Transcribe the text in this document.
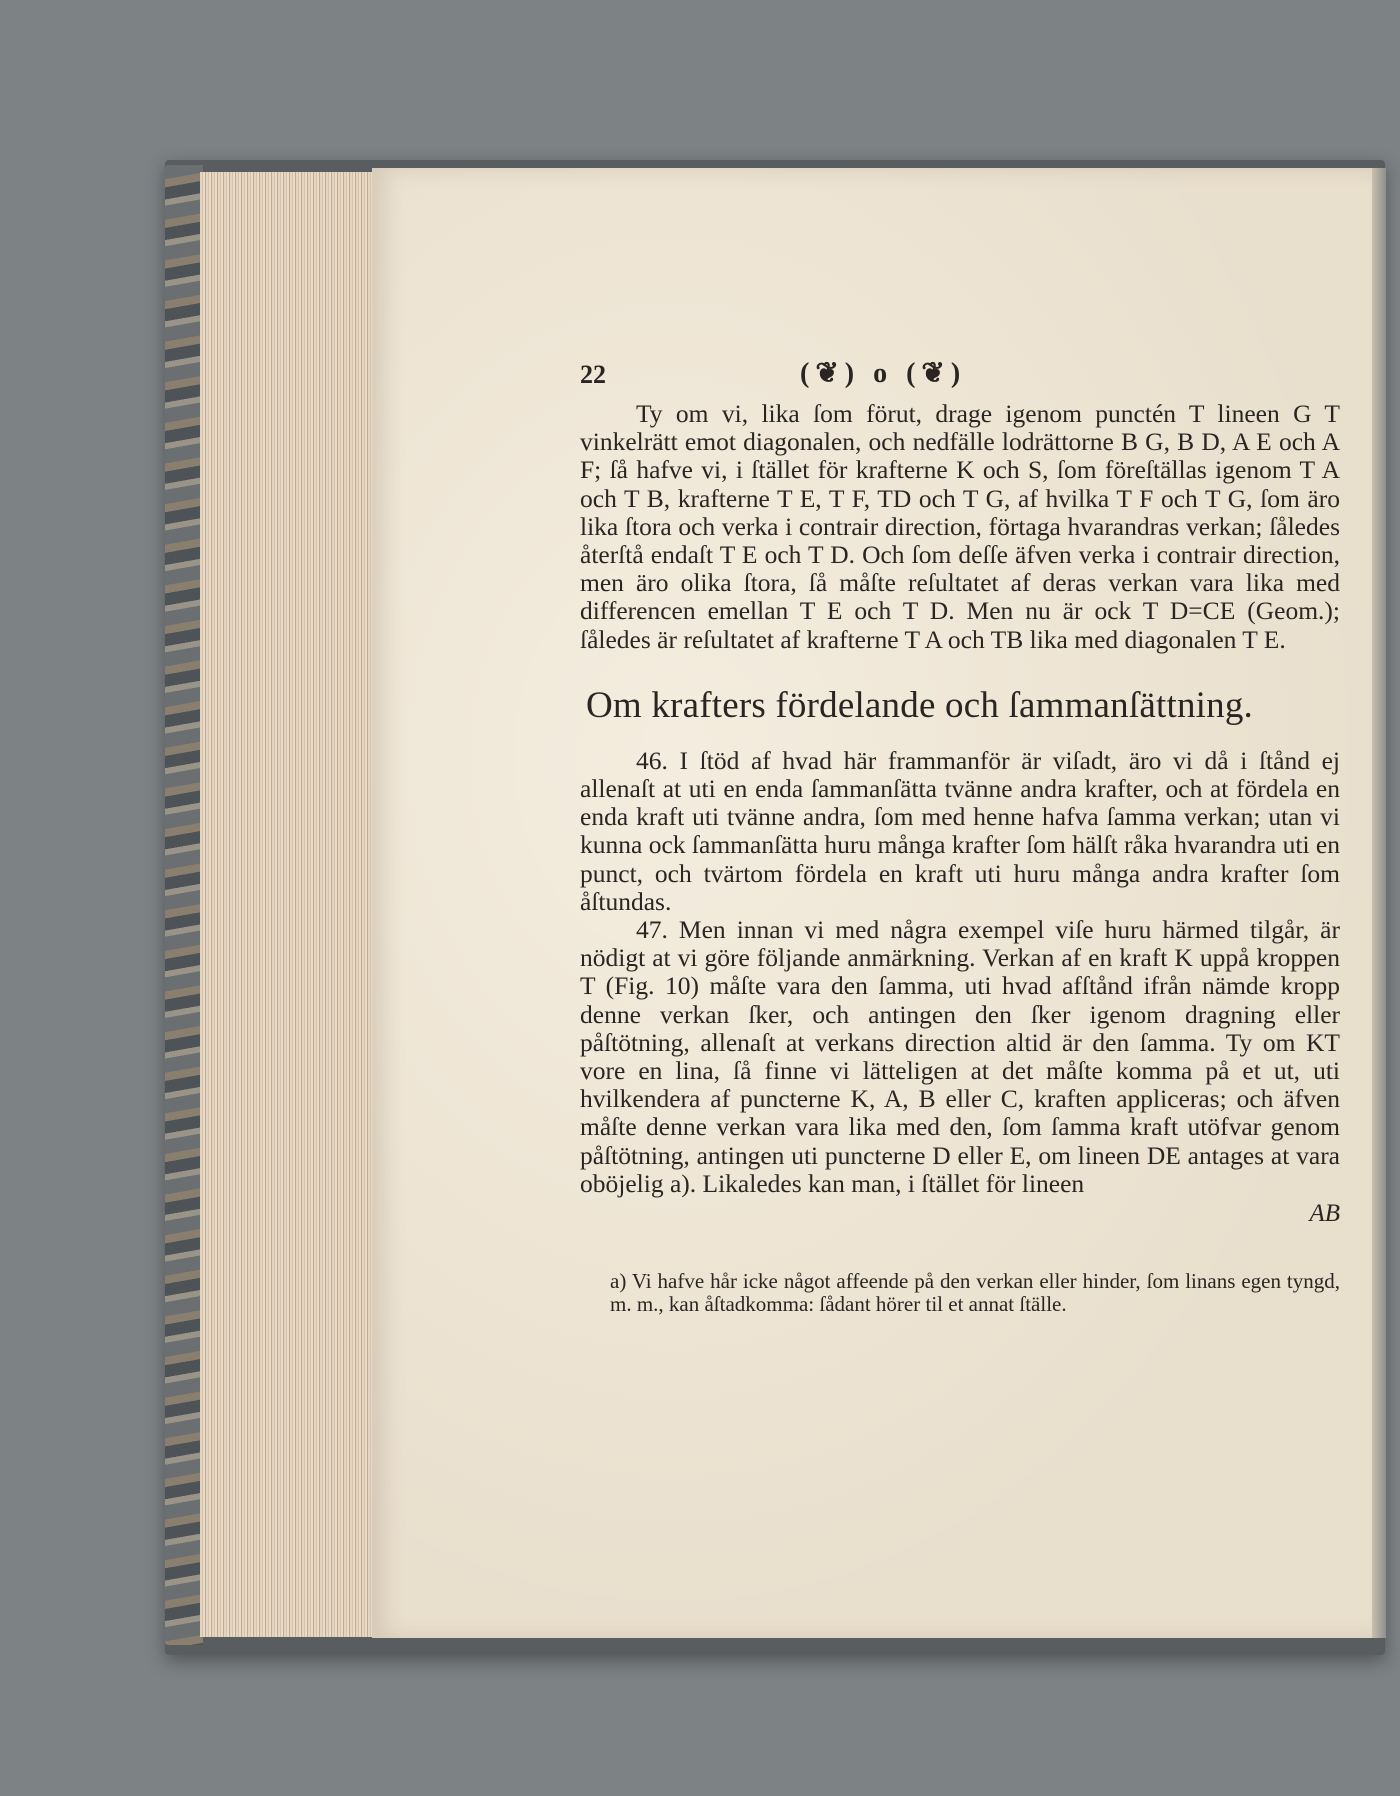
22	(❦) o (❦)

Ty om vi, lika ſom förut, drage igenom punctén T lineen G T vinkelrätt emot diagonalen, och nedfälle lodrättorne B G, B D, A E och A F; ſå hafve vi, i ſtället för krafterne K och S, ſom föreſtällas igenom T A och T B, krafterne T E, T F, TD och T G, af hvilka T F och T G, ſom äro lika ſtora och verka i contrair direction, förtaga hvarandras verkan; ſåledes återſtå endaſt T E och T D. Och ſom deſſe äfven verka i contrair direction, men äro olika ſtora, ſå måſte reſultatet af deras verkan vara lika med differencen emellan T E och T D. Men nu är ock T D=CE (Geom.); ſåledes är reſultatet af krafterne T A och TB lika med diagonalen T E.

Om krafters fördelande och ſammanſättning.

46. I ſtöd af hvad här frammanför är viſadt, äro vi då i ſtånd ej allenaſt at uti en enda ſammanſätta tvänne andra krafter, och at fördela en enda kraft uti tvänne andra, ſom med henne hafva ſamma verkan; utan vi kunna ock ſammanſätta huru många krafter ſom hälſt råka hvarandra uti en punct, och tvärtom fördela en kraft uti huru många andra krafter ſom åſtundas.

47. Men innan vi med några exempel viſe huru härmed tilgår, är nödigt at vi göre följande anmärkning. Verkan af en kraft K uppå kroppen T (Fig. 10) måſte vara den ſamma, uti hvad afſtånd ifrån nämde kropp denne verkan ſker, och antingen den ſker igenom dragning eller påſtötning, allenaſt at verkans direction altid är den ſamma. Ty om KT vore en lina, ſå finne vi lätteligen at det måſte komma på et ut, uti hvilkendera af puncterne K, A, B eller C, kraften appliceras; och äfven måſte denne verkan vara lika med den, ſom ſamma kraft utöfvar genom påſtötning, antingen uti puncterne D eller E, om lineen DE antages at vara oböjelig a). Likaledes kan man, i ſtället för lineen

AB

a) Vi hafve hår icke något affeende på den verkan eller hinder, ſom linans egen tyngd, m. m., kan åſtadkomma: ſådant hörer til et annat ſtälle.
